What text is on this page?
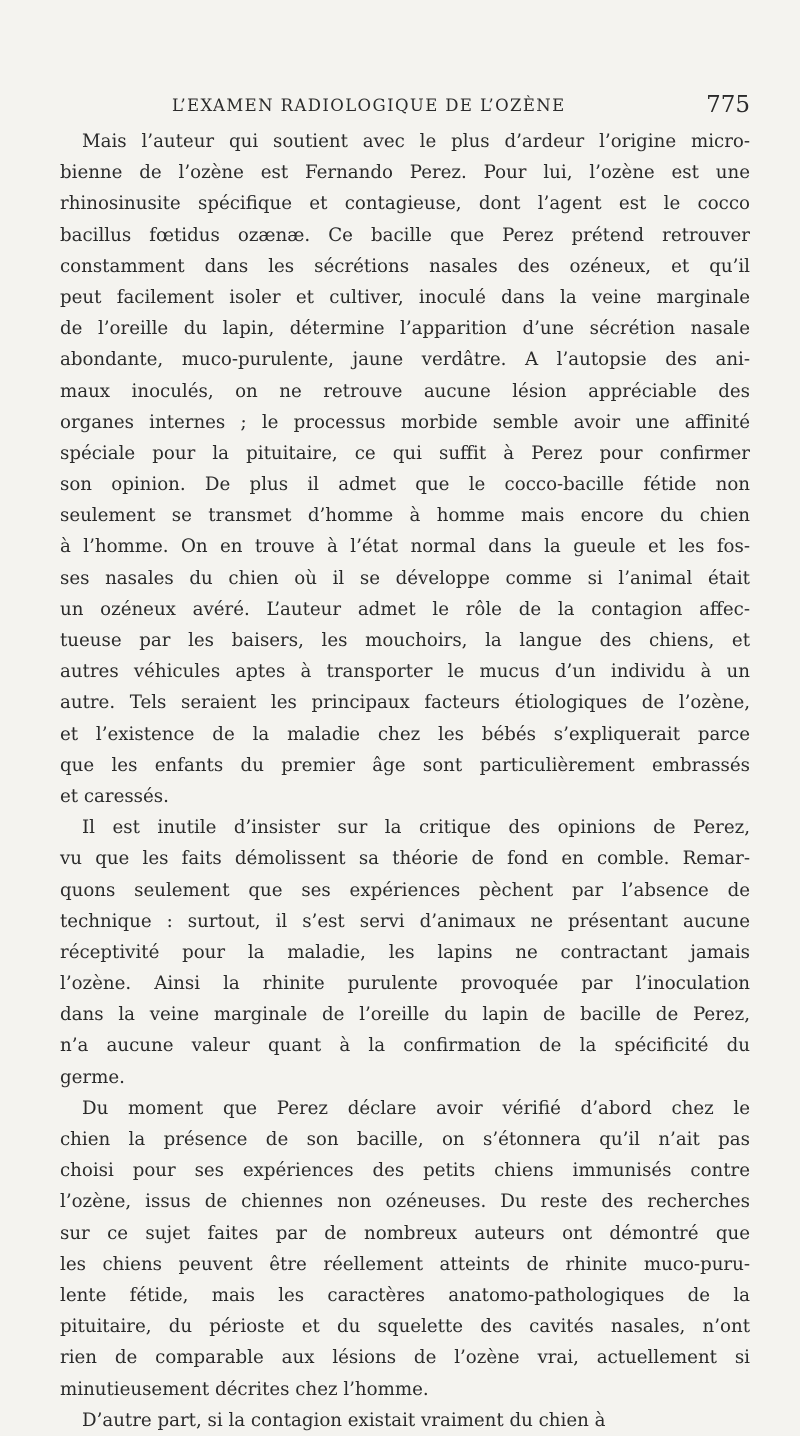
L’EXAMEN RADIOLOGIQUE DE L’OZÈNE	775
Mais l’auteur qui soutient avec le plus d’ardeur l’origine micro-
bienne de l’ozène est Fernando Perez. Pour lui, l’ozène est une
rhinosinusite spécifique et contagieuse, dont l’agent est le cocco
bacillus fœtidus ozænæ. Ce bacille que Perez prétend retrouver
constamment dans les sécrétions nasales des ozéneux, et qu’il
peut facilement isoler et cultiver, inoculé dans la veine marginale
de l’oreille du lapin, détermine l’apparition d’une sécrétion nasale
abondante, muco-purulente, jaune verdâtre. A l’autopsie des ani-
maux inoculés, on ne retrouve aucune lésion appréciable des
organes internes ; le processus morbide semble avoir une affinité
spéciale pour la pituitaire, ce qui suffit à Perez pour confirmer
son opinion. De plus il admet que le cocco-bacille fétide non
seulement se transmet d’homme à homme mais encore du chien
à l’homme. On en trouve à l’état normal dans la gueule et les fos-
ses nasales du chien où il se développe comme si l’animal était
un ozéneux avéré. L’auteur admet le rôle de la contagion affec-
tueuse par les baisers, les mouchoirs, la langue des chiens, et
autres véhicules aptes à transporter le mucus d’un individu à un
autre. Tels seraient les principaux facteurs étiologiques de l’ozène,
et l’existence de la maladie chez les bébés s’expliquerait parce
que les enfants du premier âge sont particulièrement embrassés
et caressés.
Il est inutile d’insister sur la critique des opinions de Perez,
vu que les faits démolissent sa théorie de fond en comble. Remar-
quons seulement que ses expériences pèchent par l’absence de
technique : surtout, il s’est servi d’animaux ne présentant aucune
réceptivité pour la maladie, les lapins ne contractant jamais
l’ozène. Ainsi la rhinite purulente provoquée par l’inoculation
dans la veine marginale de l’oreille du lapin de bacille de Perez,
n’a aucune valeur quant à la confirmation de la spécificité du
germe.
Du moment que Perez déclare avoir vérifié d’abord chez le
chien la présence de son bacille, on s’étonnera qu’il n’ait pas
choisi pour ses expériences des petits chiens immunisés contre
l’ozène, issus de chiennes non ozéneuses. Du reste des recherches
sur ce sujet faites par de nombreux auteurs ont démontré que
les chiens peuvent être réellement atteints de rhinite muco-puru-
lente fétide, mais les caractères anatomo-pathologiques de la
pituitaire, du périoste et du squelette des cavités nasales, n’ont
rien de comparable aux lésions de l’ozène vrai, actuellement si
minutieusement décrites chez l’homme.
D’autre part, si la contagion existait vraiment du chien à
